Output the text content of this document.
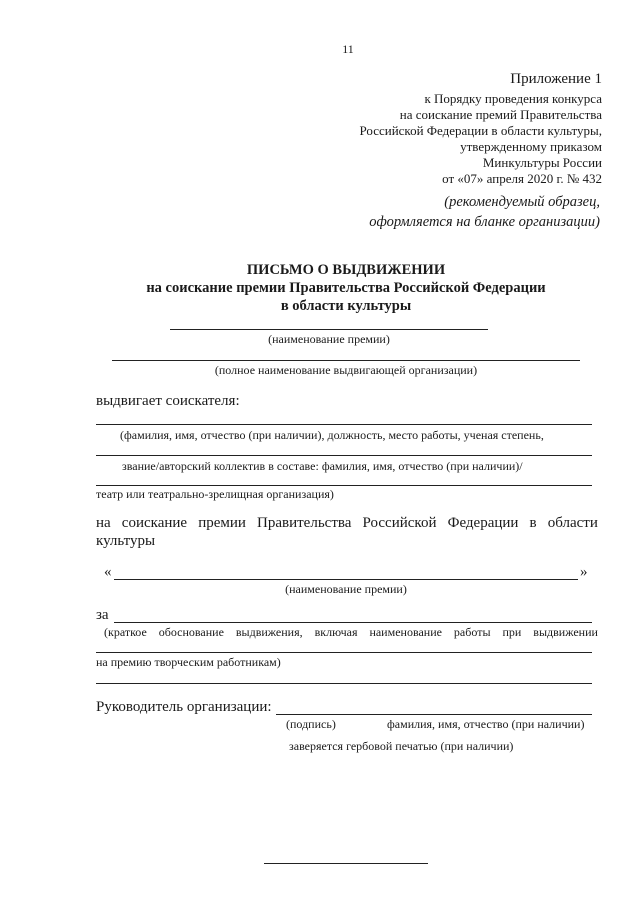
11
Приложение 1
к Порядку проведения конкурса
на соискание премий Правительства
Российской Федерации в области культуры,
утвержденному приказом
Минкультуры России
от «07» апреля 2020 г. № 432
(рекомендуемый образец,
оформляется на бланке организации)
ПИСЬМО О ВЫДВИЖЕНИИ
на соискание премии Правительства Российской Федерации
в области культуры
(наименование премии)
(полное наименование выдвигающей организации)
выдвигает соискателя:
(фамилия, имя, отчество (при наличии), должность, место работы, ученая степень,
звание/авторский коллектив в составе: фамилия, имя, отчество (при наличии)/
театр или театрально-зрелищная организация)
на соискание премии Правительства Российской Федерации в области
культуры
«	»
(наименование премии)
за
(краткое обоснование выдвижения, включая наименование работы при выдвижении
на премию творческим работникам)
Руководитель организации:
(подпись)	фамилия, имя, отчество (при наличии)
заверяется гербовой печатью (при наличии)
